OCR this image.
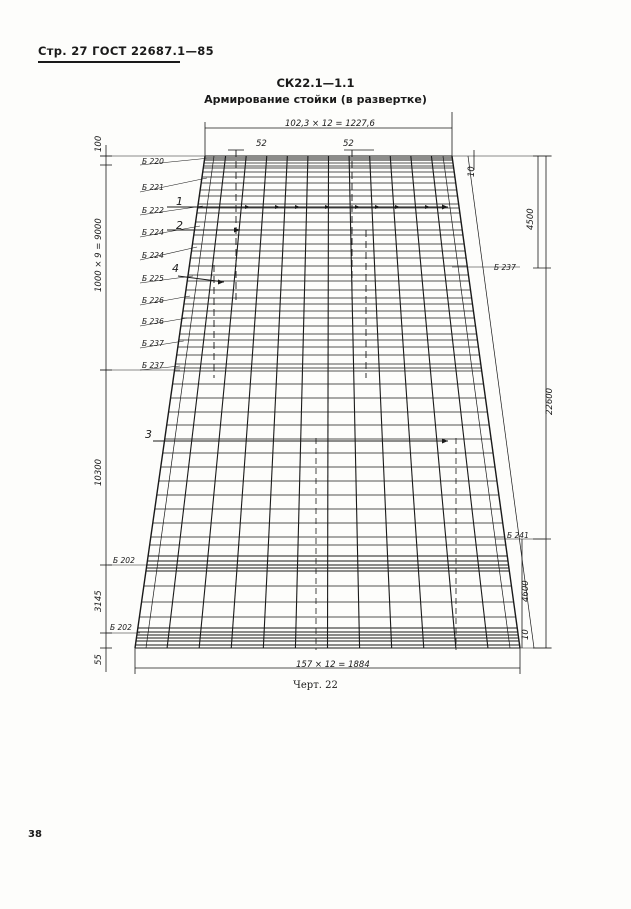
Стр. 27 ГОСТ 22687.1—85
СК22.1—1.1
Армирование стойки (в развертке)
102,3 × 12 = 1227,6
52	52
157 × 12 = 1884
100
1000 × 9 = 9000
10300
3145
55
10
4500
22600
4600
10
Б 220
Б 221
Б 222
Б 224
Б 224
Б 225
Б 226
Б 236
Б 237
Б 237
Б 202
Б 202
Б 237
Б 241
1
2
4
3
Черт. 22
38
